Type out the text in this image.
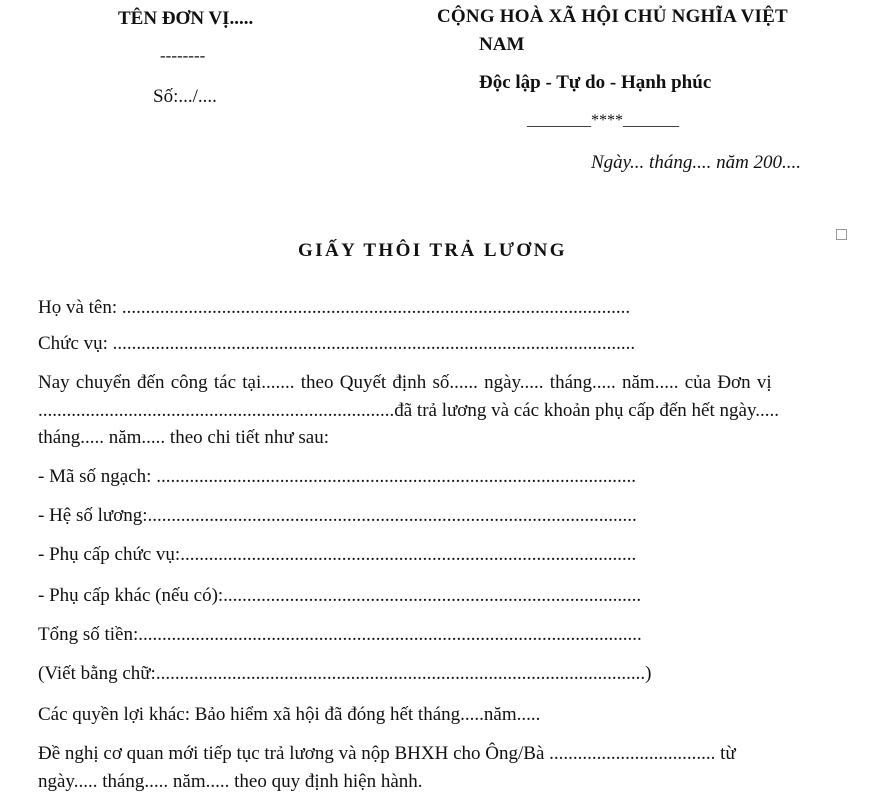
TÊN ĐƠN VỊ.....
--------
Số:.../....
CỘNG HOÀ XÃ HỘI CHỦ NGHĨA VIỆT
NAM
Độc lập - Tự do - Hạnh phúc
________****_______
Ngày... tháng.... năm 200....
GIẤY THÔI TRẢ LƯƠNG
Họ và tên: ...........................................................................................................
Chức vụ: ..............................................................................................................
Nay chuyển đến công tác tại....... theo Quyết định số...... ngày..... tháng..... năm..... của Đơn vị
...........................................................................đã trả lương và các khoản phụ cấp đến hết ngày.....
tháng..... năm..... theo chi tiết như sau:
- Mã số ngạch: .....................................................................................................
- Hệ số lương:.......................................................................................................
- Phụ cấp chức vụ:................................................................................................
- Phụ cấp khác (nếu có):........................................................................................
Tổng số tiền:..........................................................................................................
(Viết bằng chữ:.......................................................................................................)
Các quyền lợi khác: Bảo hiểm xã hội đã đóng hết tháng.....năm.....
Đề nghị cơ quan mới tiếp tục trả lương và nộp BHXH cho Ông/Bà ................................... từ
ngày..... tháng..... năm..... theo quy định hiện hành.
